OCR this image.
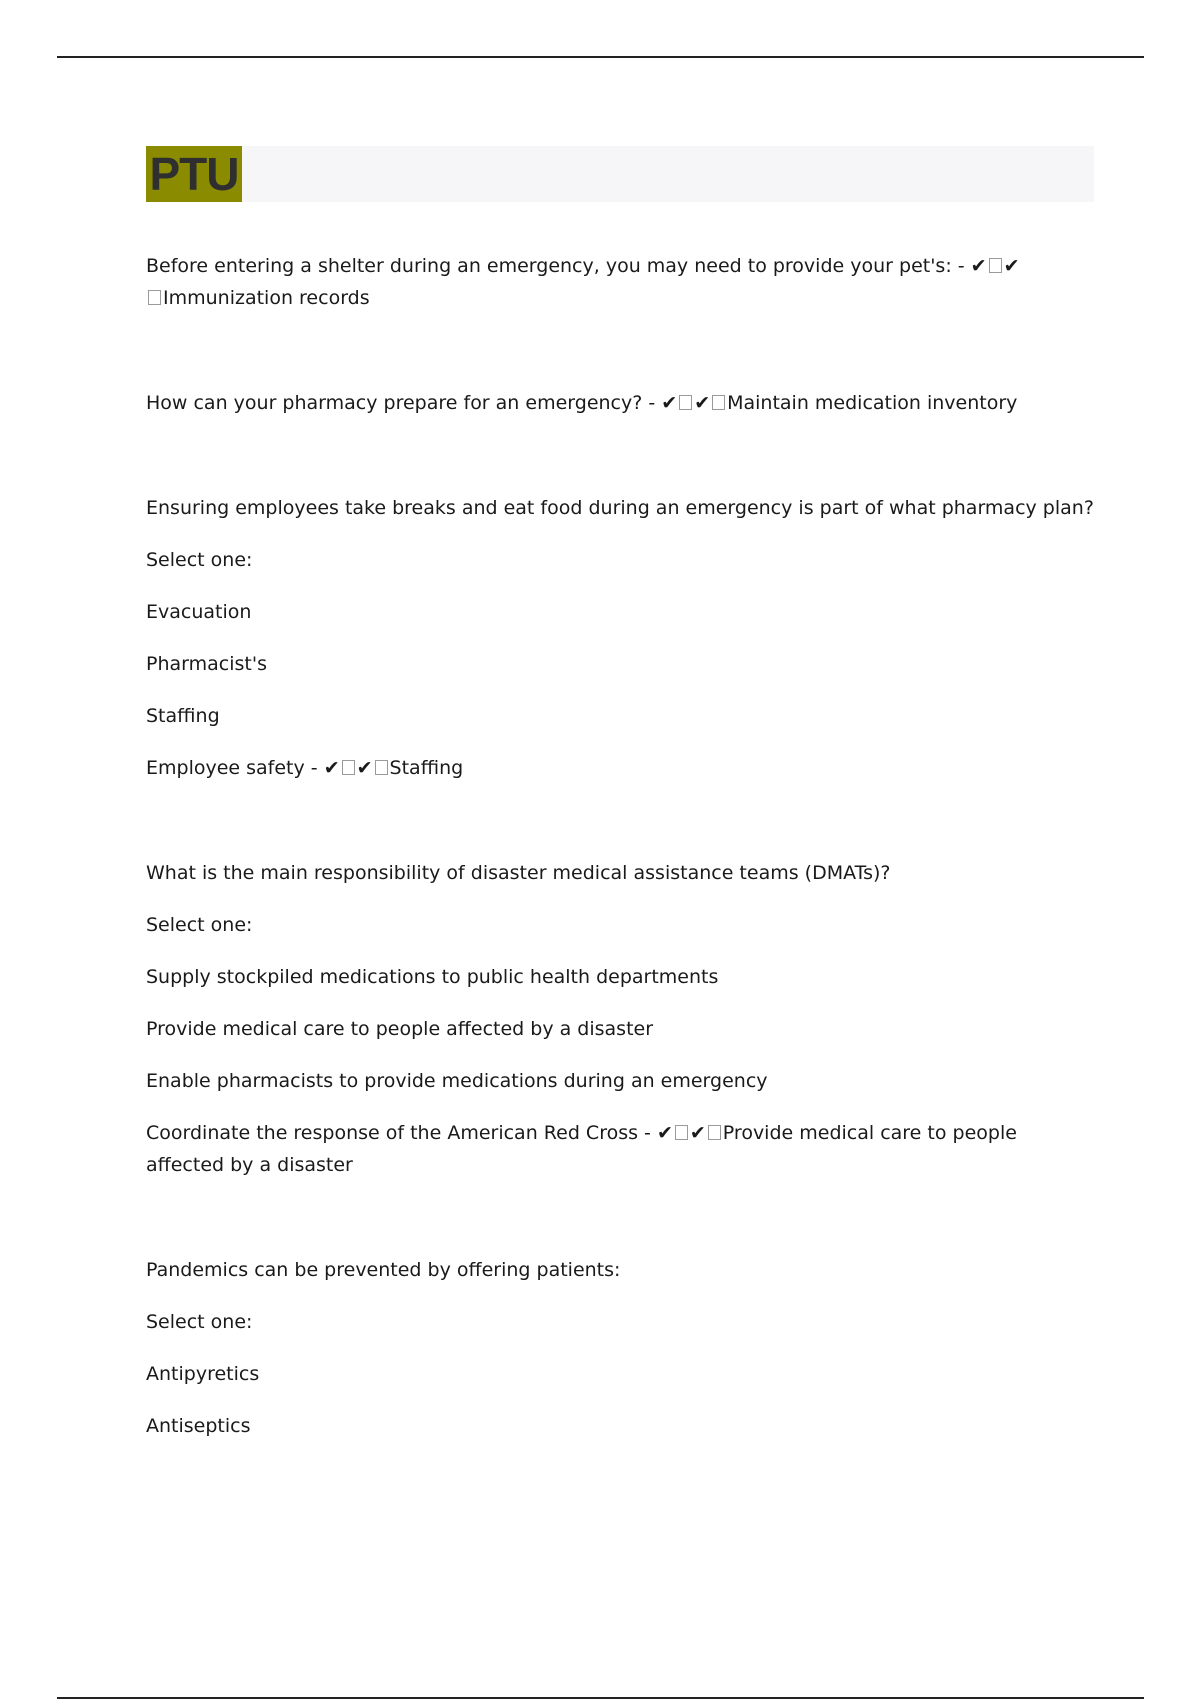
PTU

Before entering a shelter during an emergency, you may need to provide your pet's: - ✔ ✔
Immunization records

How can your pharmacy prepare for an emergency? - ✔ ✔ Maintain medication inventory

Ensuring employees take breaks and eat food during an emergency is part of what pharmacy plan?

Select one:

Evacuation

Pharmacist's

Staffing

Employee safety - ✔ ✔ Staffing

What is the main responsibility of disaster medical assistance teams (DMATs)?

Select one:

Supply stockpiled medications to public health departments

Provide medical care to people affected by a disaster

Enable pharmacists to provide medications during an emergency

Coordinate the response of the American Red Cross - ✔ ✔ Provide medical care to people affected by a disaster

Pandemics can be prevented by offering patients:

Select one:

Antipyretics

Antiseptics
